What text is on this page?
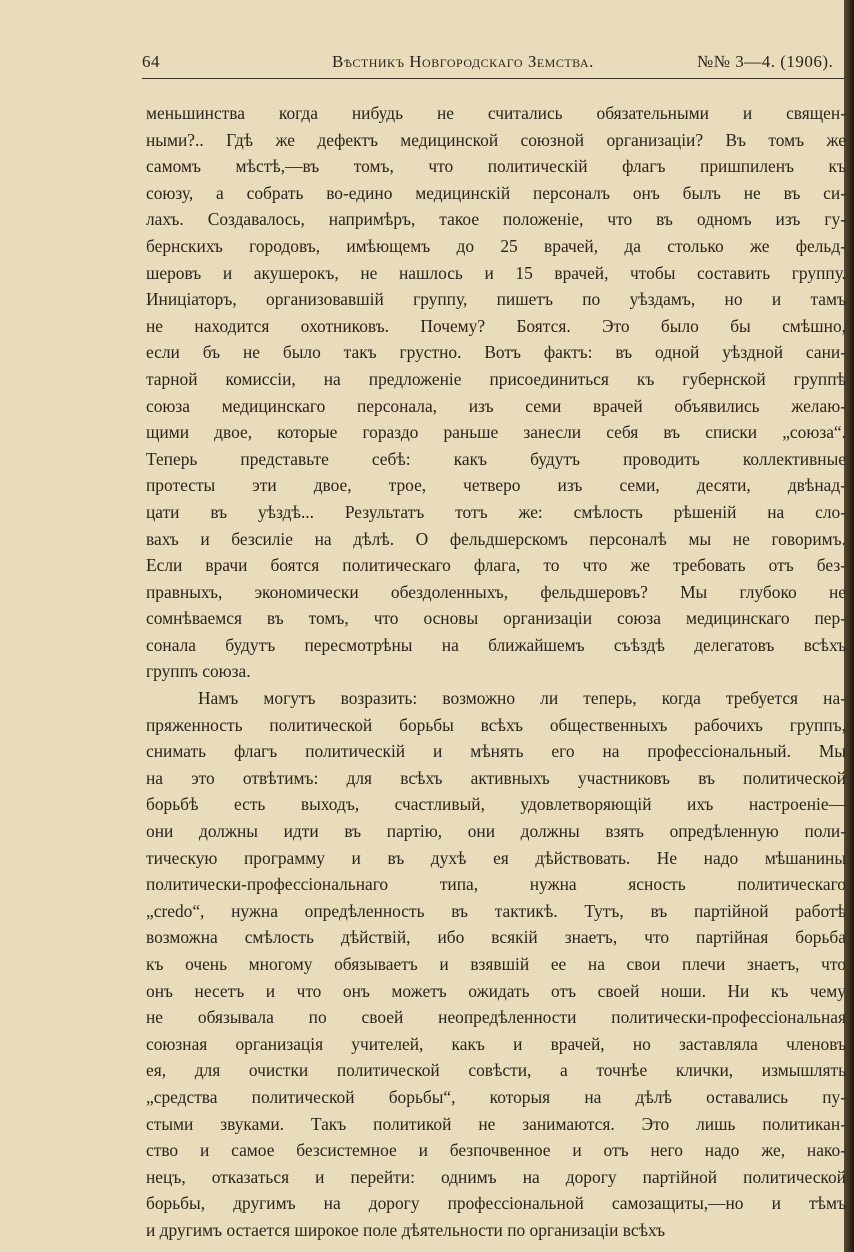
64	Вѣстникъ Новгородскаго Земства.	№№ 3—4. (1906).
меньшинства когда нибудь не считались обязательными и священ-
ными?.. Гдѣ же дефектъ медицинской союзной организаціи? Въ томъ же
самомъ мѣстѣ,—въ томъ, что политическій флагъ пришпиленъ къ
союзу, а собрать во-едино медицинскій персоналъ онъ былъ не въ си-
лахъ. Создавалось, напримѣръ, такое положеніе, что въ одномъ изъ гу-
бернскихъ городовъ, имѣющемъ до 25 врачей, да столько же фельд-
шеровъ и акушерокъ, не нашлось и 15 врачей, чтобы составить группу.
Иниціаторъ, организовавшій группу, пишетъ по уѣздамъ, но и тамъ
не находится охотниковъ. Почему? Боятся. Это было бы смѣшно,
если бъ не было такъ грустно. Вотъ фактъ: въ одной уѣздной сани-
тарной комиссіи, на предложеніе присоединиться къ губернской группѣ
союза медицинскаго персонала, изъ семи врачей объявились желаю-
щими двое, которые гораздо раньше занесли себя въ списки „союза“.
Теперь представьте себѣ: какъ будутъ проводить коллективные
протесты эти двое, трое, четверо изъ семи, десяти, двѣнад-
цати въ уѣздѣ... Результатъ тотъ же: смѣлость рѣшеній на сло-
вахъ и безсиліе на дѣлѣ. О фельдшерскомъ персоналѣ мы не говоримъ.
Если врачи боятся политическаго флага, то что же требовать отъ без-
правныхъ, экономически обездоленныхъ, фельдшеровъ? Мы глубоко не
сомнѣваемся въ томъ, что основы организаціи союза медицинскаго пер-
сонала будутъ пересмотрѣны на ближайшемъ съѣздѣ делегатовъ всѣхъ
группъ союза.
Намъ могутъ возразить: возможно ли теперь, когда требуется на-
пряженность политической борьбы всѣхъ общественныхъ рабочихъ группъ,
снимать флагъ политическій и мѣнять его на профессіональный. Мы
на это отвѣтимъ: для всѣхъ активныхъ участниковъ въ политической
борьбѣ есть выходъ, счастливый, удовлетворяющій ихъ настроеніе—
они должны идти въ партію, они должны взять опредѣленную поли-
тическую программу и въ духѣ ея дѣйствовать. Не надо мѣшанины
политически-профессіональнаго типа, нужна ясность политическаго
„credo“, нужна опредѣленность въ тактикѣ. Тутъ, въ партійной работѣ
возможна смѣлость дѣйствій, ибо всякій знаетъ, что партійная борьба
къ очень многому обязываетъ и взявшій ее на свои плечи знаетъ, что
онъ несетъ и что онъ можетъ ожидать отъ своей ноши. Ни къ чему
не обязывала по своей неопредѣленности политически-профессіональная
союзная организація учителей, какъ и врачей, но заставляла членовъ
ея, для очистки политической совѣсти, а точнѣе клички, измышлять
„средства политической борьбы“, которыя на дѣлѣ оставались пу-
стыми звуками. Такъ политикой не занимаются. Это лишь политикан-
ство и самое безсистемное и безпочвенное и отъ него надо же, нако-
нецъ, отказаться и перейти: однимъ на дорогу партійной политической
борьбы, другимъ на дорогу профессіональной самозащиты,—но и тѣмъ
и другимъ остается широкое поле дѣятельности по организаціи всѣхъ
